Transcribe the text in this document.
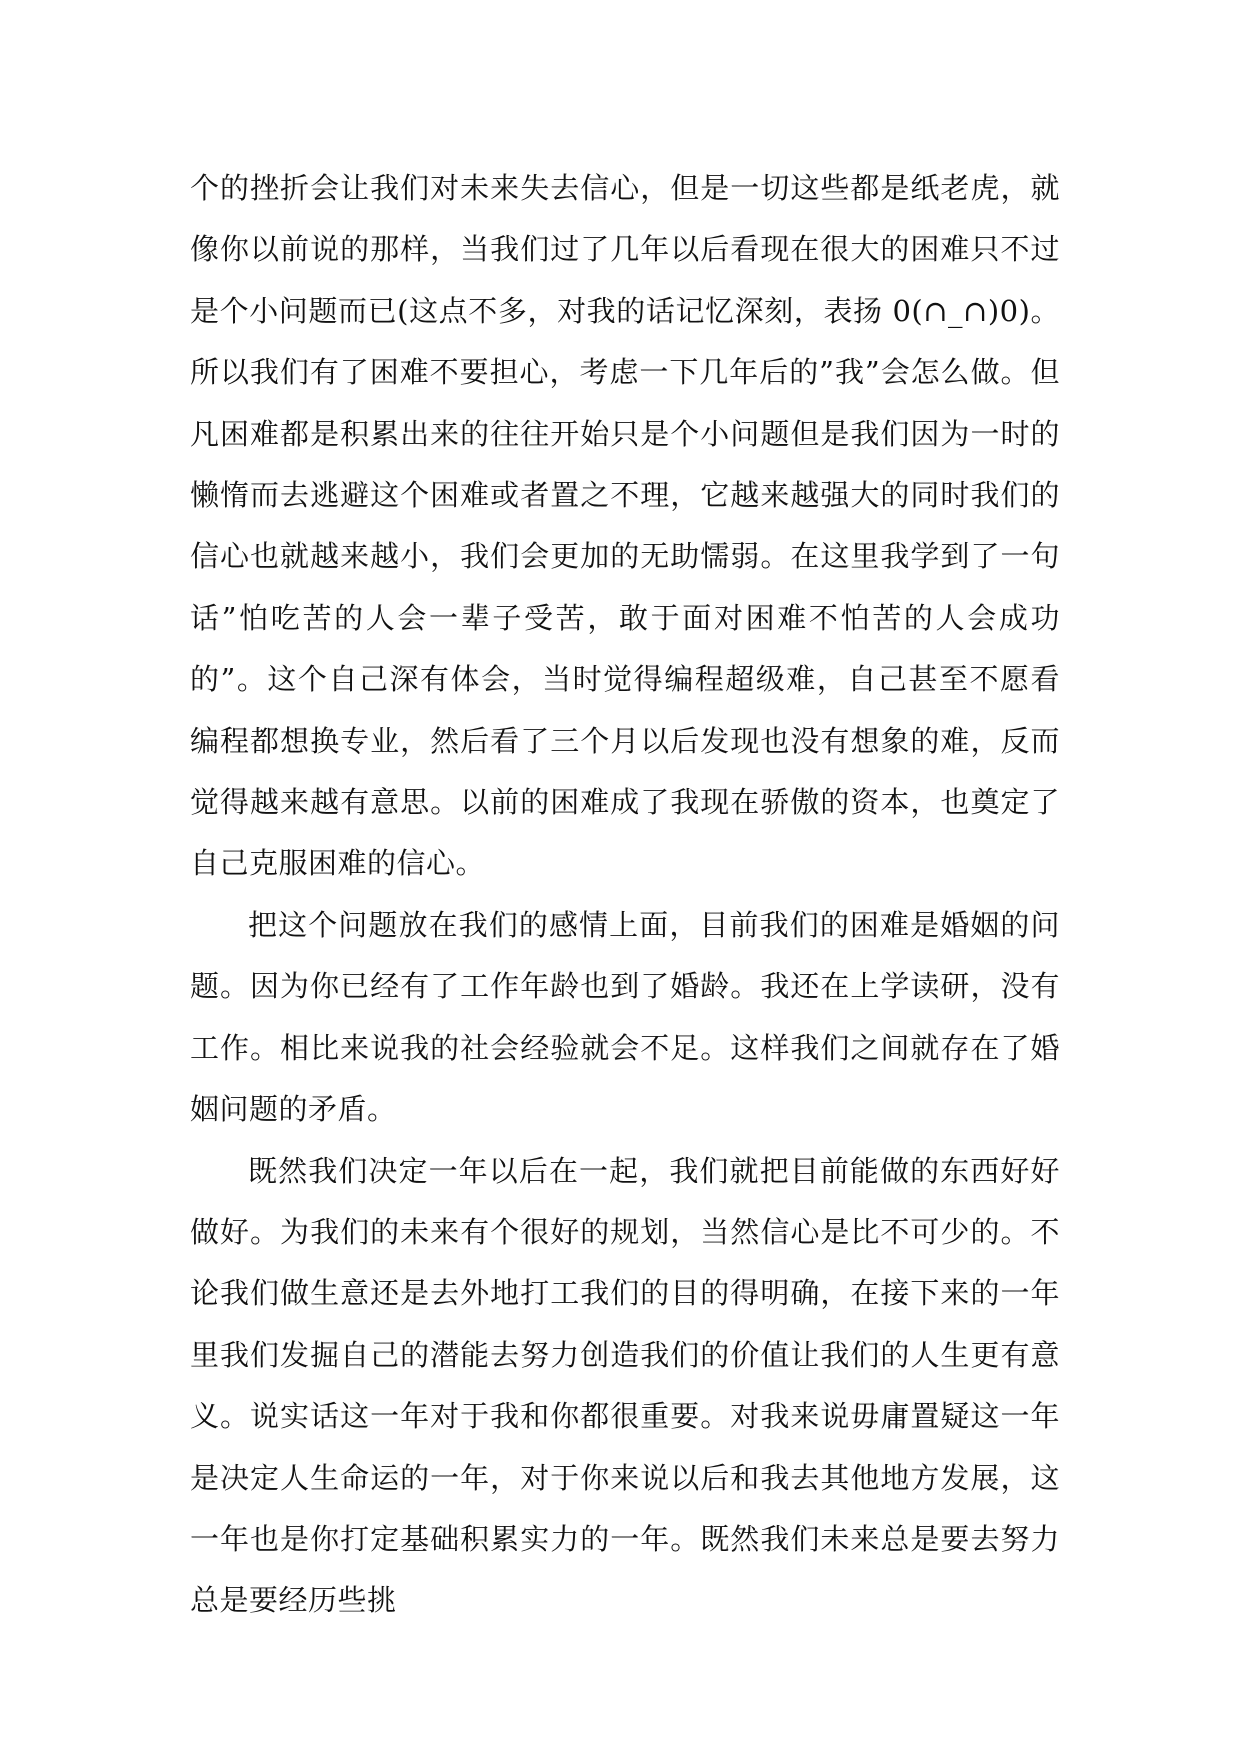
个的挫折会让我们对未来失去信心，但是一切这些都是纸老虎，就像你以前说的那样，当我们过了几年以后看现在很大的困难只不过是个小问题而已(这点不多，对我的话记忆深刻，表扬 0(∩_∩)0)。所以我们有了困难不要担心，考虑一下几年后的”我”会怎么做。但凡困难都是积累出来的往往开始只是个小问题但是我们因为一时的懒惰而去逃避这个困难或者置之不理，它越来越强大的同时我们的信心也就越来越小，我们会更加的无助懦弱。在这里我学到了一句话”怕吃苦的人会一辈子受苦，敢于面对困难不怕苦的人会成功的”。这个自己深有体会，当时觉得编程超级难，自己甚至不愿看编程都想换专业，然后看了三个月以后发现也没有想象的难，反而觉得越来越有意思。以前的困难成了我现在骄傲的资本，也奠定了自己克服困难的信心。

把这个问题放在我们的感情上面，目前我们的困难是婚姻的问题。因为你已经有了工作年龄也到了婚龄。我还在上学读研，没有工作。相比来说我的社会经验就会不足。这样我们之间就存在了婚姻问题的矛盾。

既然我们决定一年以后在一起，我们就把目前能做的东西好好做好。为我们的未来有个很好的规划，当然信心是比不可少的。不论我们做生意还是去外地打工我们的目的得明确，在接下来的一年里我们发掘自己的潜能去努力创造我们的价值让我们的人生更有意义。说实话这一年对于我和你都很重要。对我来说毋庸置疑这一年是决定人生命运的一年，对于你来说以后和我去其他地方发展，这一年也是你打定基础积累实力的一年。既然我们未来总是要去努力总是要经历些挑
